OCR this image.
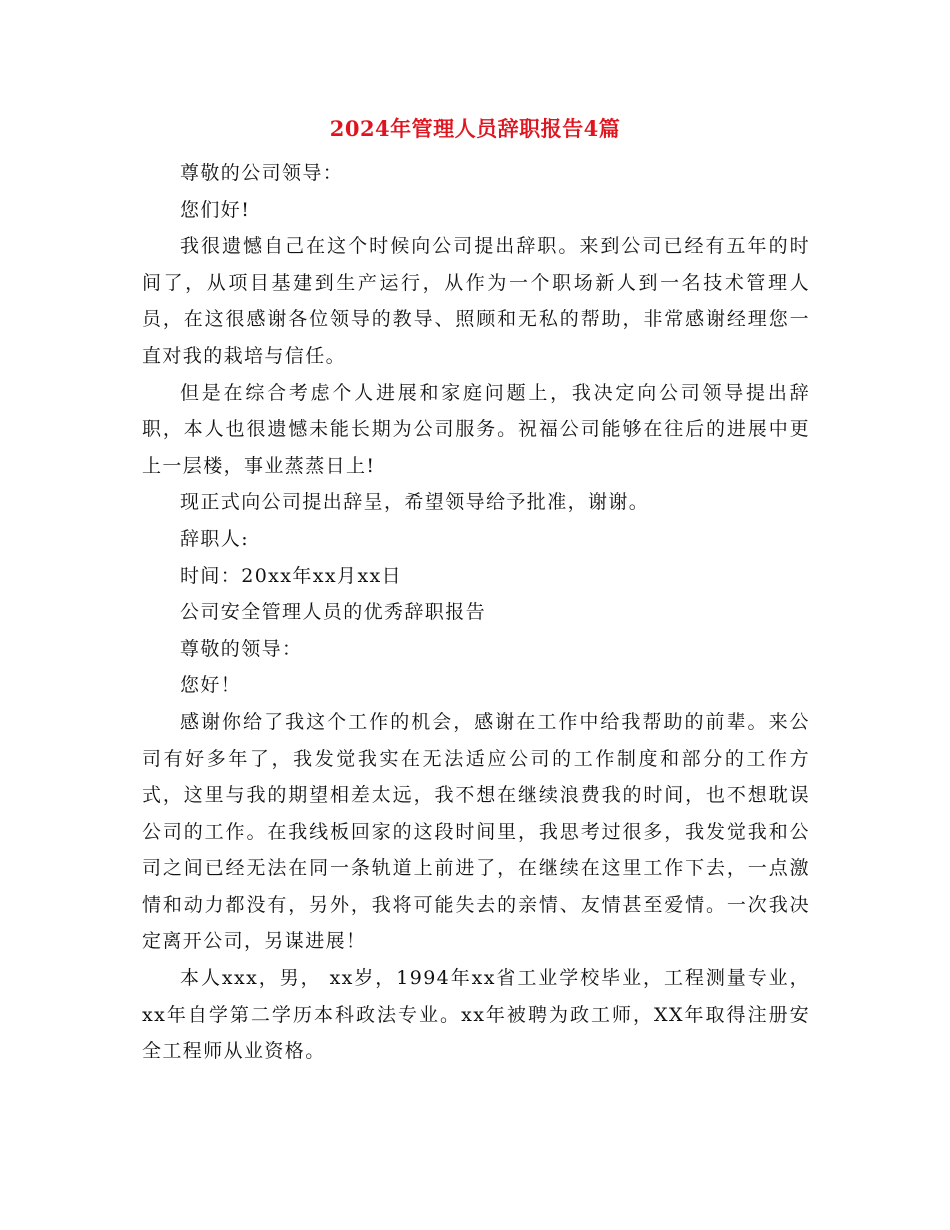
2024年管理人员辞职报告4篇

尊敬的公司领导：

您们好!

我很遗憾自己在这个时候向公司提出辞职。来到公司已经有五年的时间了，从项目基建到生产运行，从作为一个职场新人到一名技术管理人员，在这很感谢各位领导的教导、照顾和无私的帮助，非常感谢经理您一直对我的栽培与信任。

但是在综合考虑个人进展和家庭问题上，我决定向公司领导提出辞职，本人也很遗憾未能长期为公司服务。祝福公司能够在往后的进展中更上一层楼，事业蒸蒸日上!

现正式向公司提出辞呈，希望领导给予批准，谢谢。

辞职人:

时间：20xx年xx月xx日

公司安全管理人员的优秀辞职报告

尊敬的领导：

您好！

感谢你给了我这个工作的机会，感谢在工作中给我帮助的前辈。来公司有好多年了，我发觉我实在无法适应公司的工作制度和部分的工作方式，这里与我的期望相差太远，我不想在继续浪费我的时间，也不想耽误公司的工作。在我线板回家的这段时间里，我思考过很多，我发觉我和公司之间已经无法在同一条轨道上前进了，在继续在这里工作下去，一点激情和动力都没有，另外，我将可能失去的亲情、友情甚至爱情。一次我决定离开公司，另谋进展！

本人xxx，男， xx岁，1994年xx省工业学校毕业，工程测量专业，xx年自学第二学历本科政法专业。xx年被聘为政工师，XX年取得注册安全工程师从业资格。
